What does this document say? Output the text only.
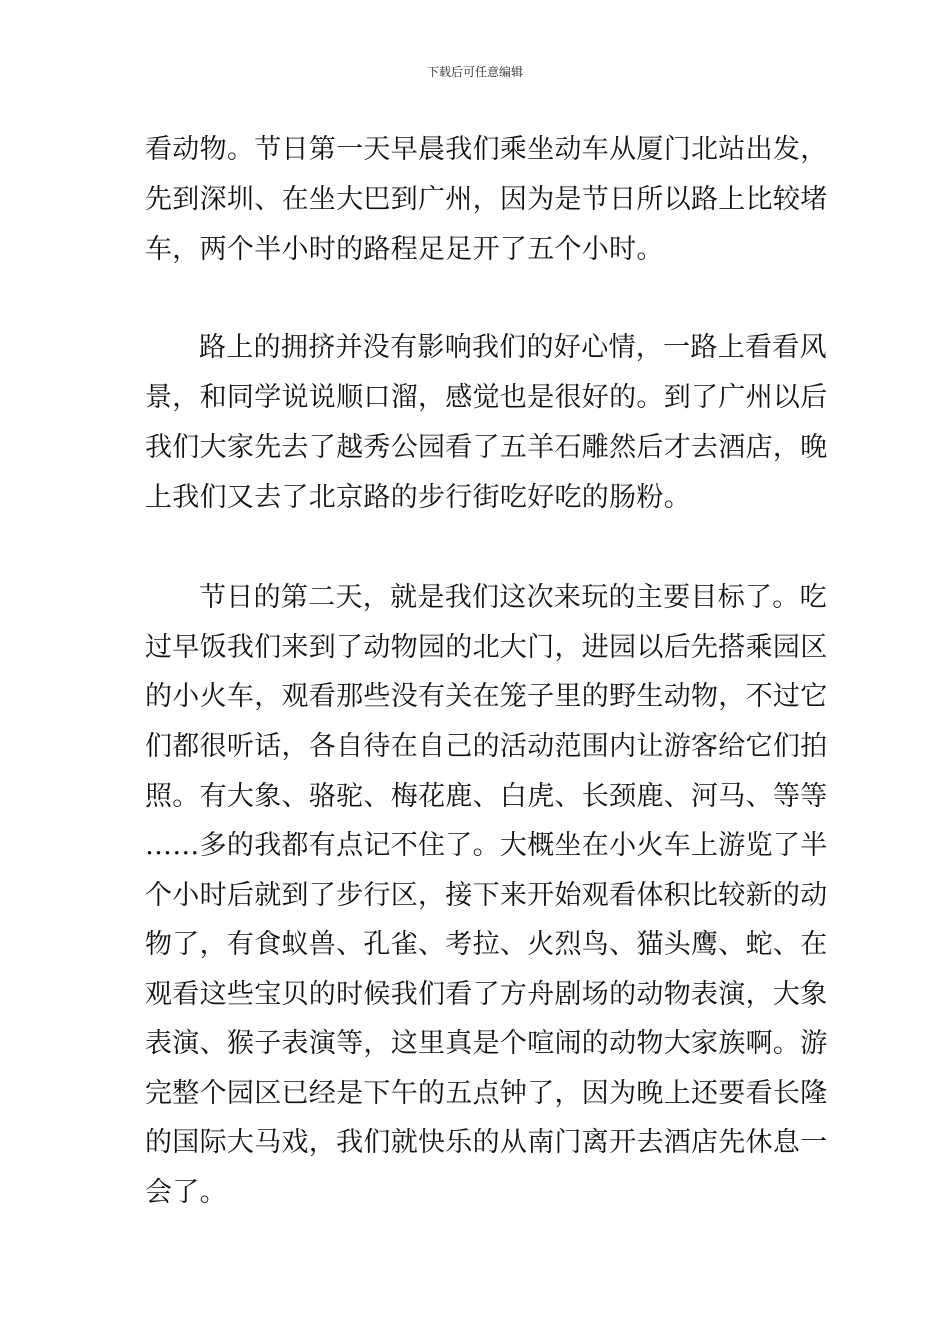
下载后可任意编辑

看动物。节日第一天早晨我们乘坐动车从厦门北站出发，

先到深圳、在坐大巴到广州，因为是节日所以路上比较堵

车，两个半小时的路程足足开了五个小时。

路上的拥挤并没有影响我们的好心情，一路上看看风

景，和同学说说顺口溜，感觉也是很好的。到了广州以后

我们大家先去了越秀公园看了五羊石雕然后才去酒店，晚

上我们又去了北京路的步行街吃好吃的肠粉。

节日的第二天，就是我们这次来玩的主要目标了。吃

过早饭我们来到了动物园的北大门，进园以后先搭乘园区

的小火车，观看那些没有关在笼子里的野生动物，不过它

们都很听话，各自待在自己的活动范围内让游客给它们拍

照。有大象、骆驼、梅花鹿、白虎、长颈鹿、河马、等等

……多的我都有点记不住了。大概坐在小火车上游览了半

个小时后就到了步行区，接下来开始观看体积比较新的动

物了，有食蚁兽、孔雀、考拉、火烈鸟、猫头鹰、蛇、在

观看这些宝贝的时候我们看了方舟剧场的动物表演，大象

表演、猴子表演等，这里真是个喧闹的动物大家族啊。游

完整个园区已经是下午的五点钟了，因为晚上还要看长隆

的国际大马戏，我们就快乐的从南门离开去酒店先休息一

会了。
